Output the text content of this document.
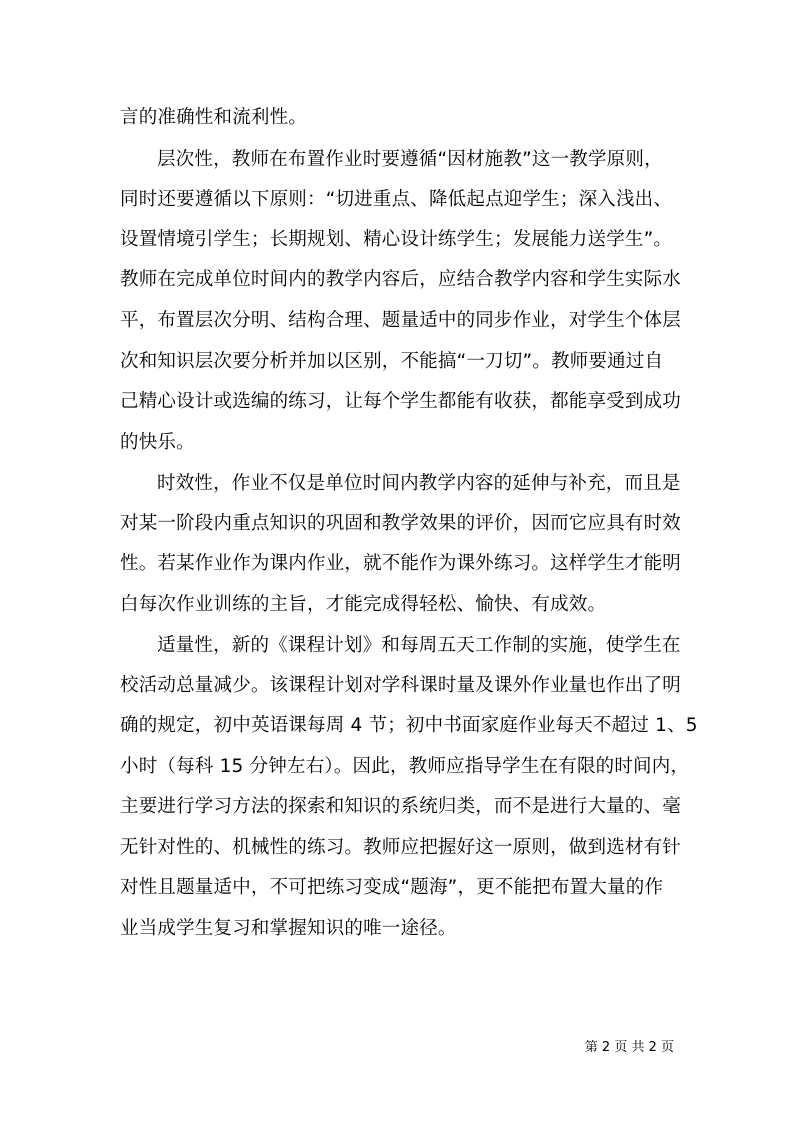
言的准确性和流利性。
层次性，教师在布置作业时要遵循“因材施教”这一教学原则，
同时还要遵循以下原则：“切进重点、降低起点迎学生；深入浅出、
设置情境引学生；长期规划、精心设计练学生；发展能力送学生”。
教师在完成单位时间内的教学内容后，应结合教学内容和学生实际水
平，布置层次分明、结构合理、题量适中的同步作业，对学生个体层
次和知识层次要分析并加以区别，不能搞“一刀切”。教师要通过自
己精心设计或选编的练习，让每个学生都能有收获，都能享受到成功
的快乐。
时效性，作业不仅是单位时间内教学内容的延伸与补充，而且是
对某一阶段内重点知识的巩固和教学效果的评价，因而它应具有时效
性。若某作业作为课内作业，就不能作为课外练习。这样学生才能明
白每次作业训练的主旨，才能完成得轻松、愉快、有成效。
适量性，新的《课程计划》和每周五天工作制的实施，使学生在
校活动总量减少。该课程计划对学科课时量及课外作业量也作出了明
确的规定，初中英语课每周 4 节；初中书面家庭作业每天不超过 1、5
小时（每科 15 分钟左右）。因此，教师应指导学生在有限的时间内，
主要进行学习方法的探索和知识的系统归类，而不是进行大量的、毫
无针对性的、机械性的练习。教师应把握好这一原则，做到选材有针
对性且题量适中，不可把练习变成“题海”，更不能把布置大量的作
业当成学生复习和掌握知识的唯一途径。
第 2 页 共 2 页
